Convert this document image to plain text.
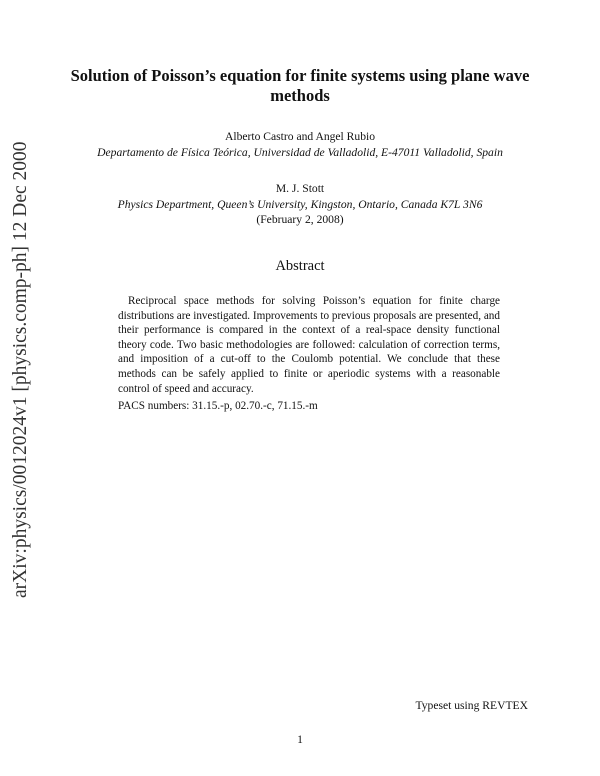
arXiv:physics/0012024v1 [physics.comp-ph] 12 Dec 2000
Solution of Poisson’s equation for finite systems using plane wave methods
Alberto Castro and Angel Rubio
Departamento de Física Teórica, Universidad de Valladolid, E-47011 Valladolid, Spain
M. J. Stott
Physics Department, Queen’s University, Kingston, Ontario, Canada K7L 3N6
(February 2, 2008)
Abstract

Reciprocal space methods for solving Poisson’s equation for finite charge distributions are investigated. Improvements to previous proposals are presented, and their performance is compared in the context of a real-space density functional theory code. Two basic methodologies are followed: calculation of correction terms, and imposition of a cut-off to the Coulomb potential. We conclude that these methods can be safely applied to finite or aperiodic systems with a reasonable control of speed and accuracy.

PACS numbers: 31.15.-p, 02.70.-c, 71.15.-m
Typeset using REVTEX
1
